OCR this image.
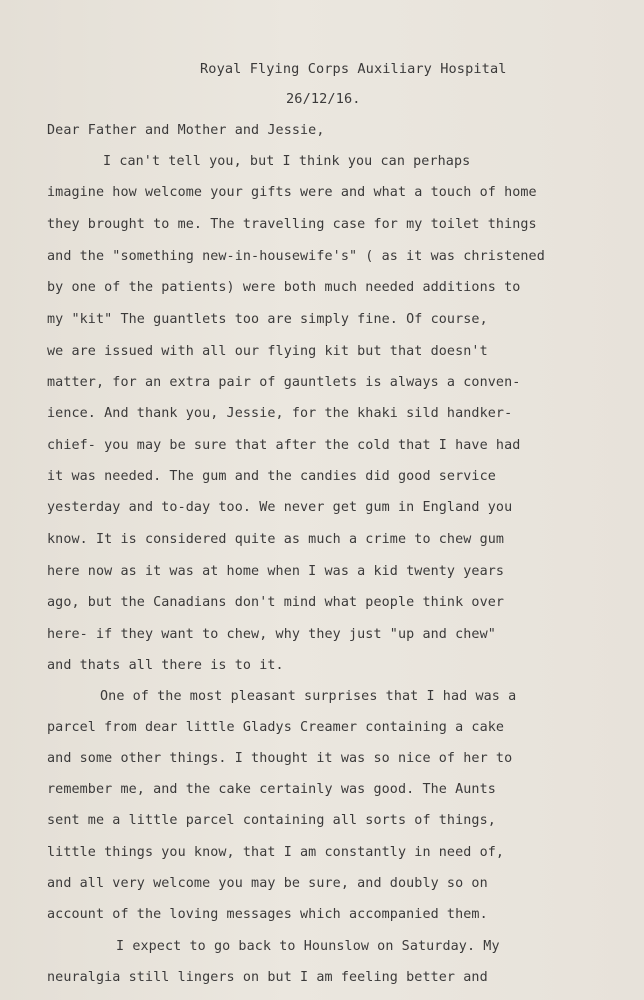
Royal Flying Corps Auxiliary Hospital
26/12/16.
Dear Father and Mother and Jessie,
I can't tell you, but I think you can perhaps
imagine how welcome your gifts were and what a touch of home
they brought to me. The travelling case for my toilet things
and the "something new-in-housewife's" ( as it was christened
by one of the patients) were both much needed additions to
my "kit" The guantlets too are simply fine. Of course,
we are issued with all our flying kit but that doesn't
matter, for an extra pair of gauntlets is always a conven-
ience. And thank you, Jessie, for the khaki sild handker-
chief- you may be sure that after the cold that I have had
it was needed. The gum and the candies did good service
yesterday and to-day too. We never get gum in England you
know. It is considered quite as much a crime to chew gum
here now as it was at home when I was a kid twenty years
ago, but the Canadians don't mind what people think over
here- if they want to chew, why they just "up and chew"
and thats all there is to it.
One of the most pleasant surprises that I had was a
parcel from dear little Gladys Creamer containing a cake
and some other things. I thought it was so nice of her to
remember me, and the cake certainly was good. The Aunts
sent me a little parcel containing all sorts of things,
little things you know, that I am constantly in need of,
and all very welcome you may be sure, and doubly so on
account of the loving messages which accompanied them.
I expect to go back to Hounslow on Saturday. My
neuralgia still lingers on but I am feeling better and
